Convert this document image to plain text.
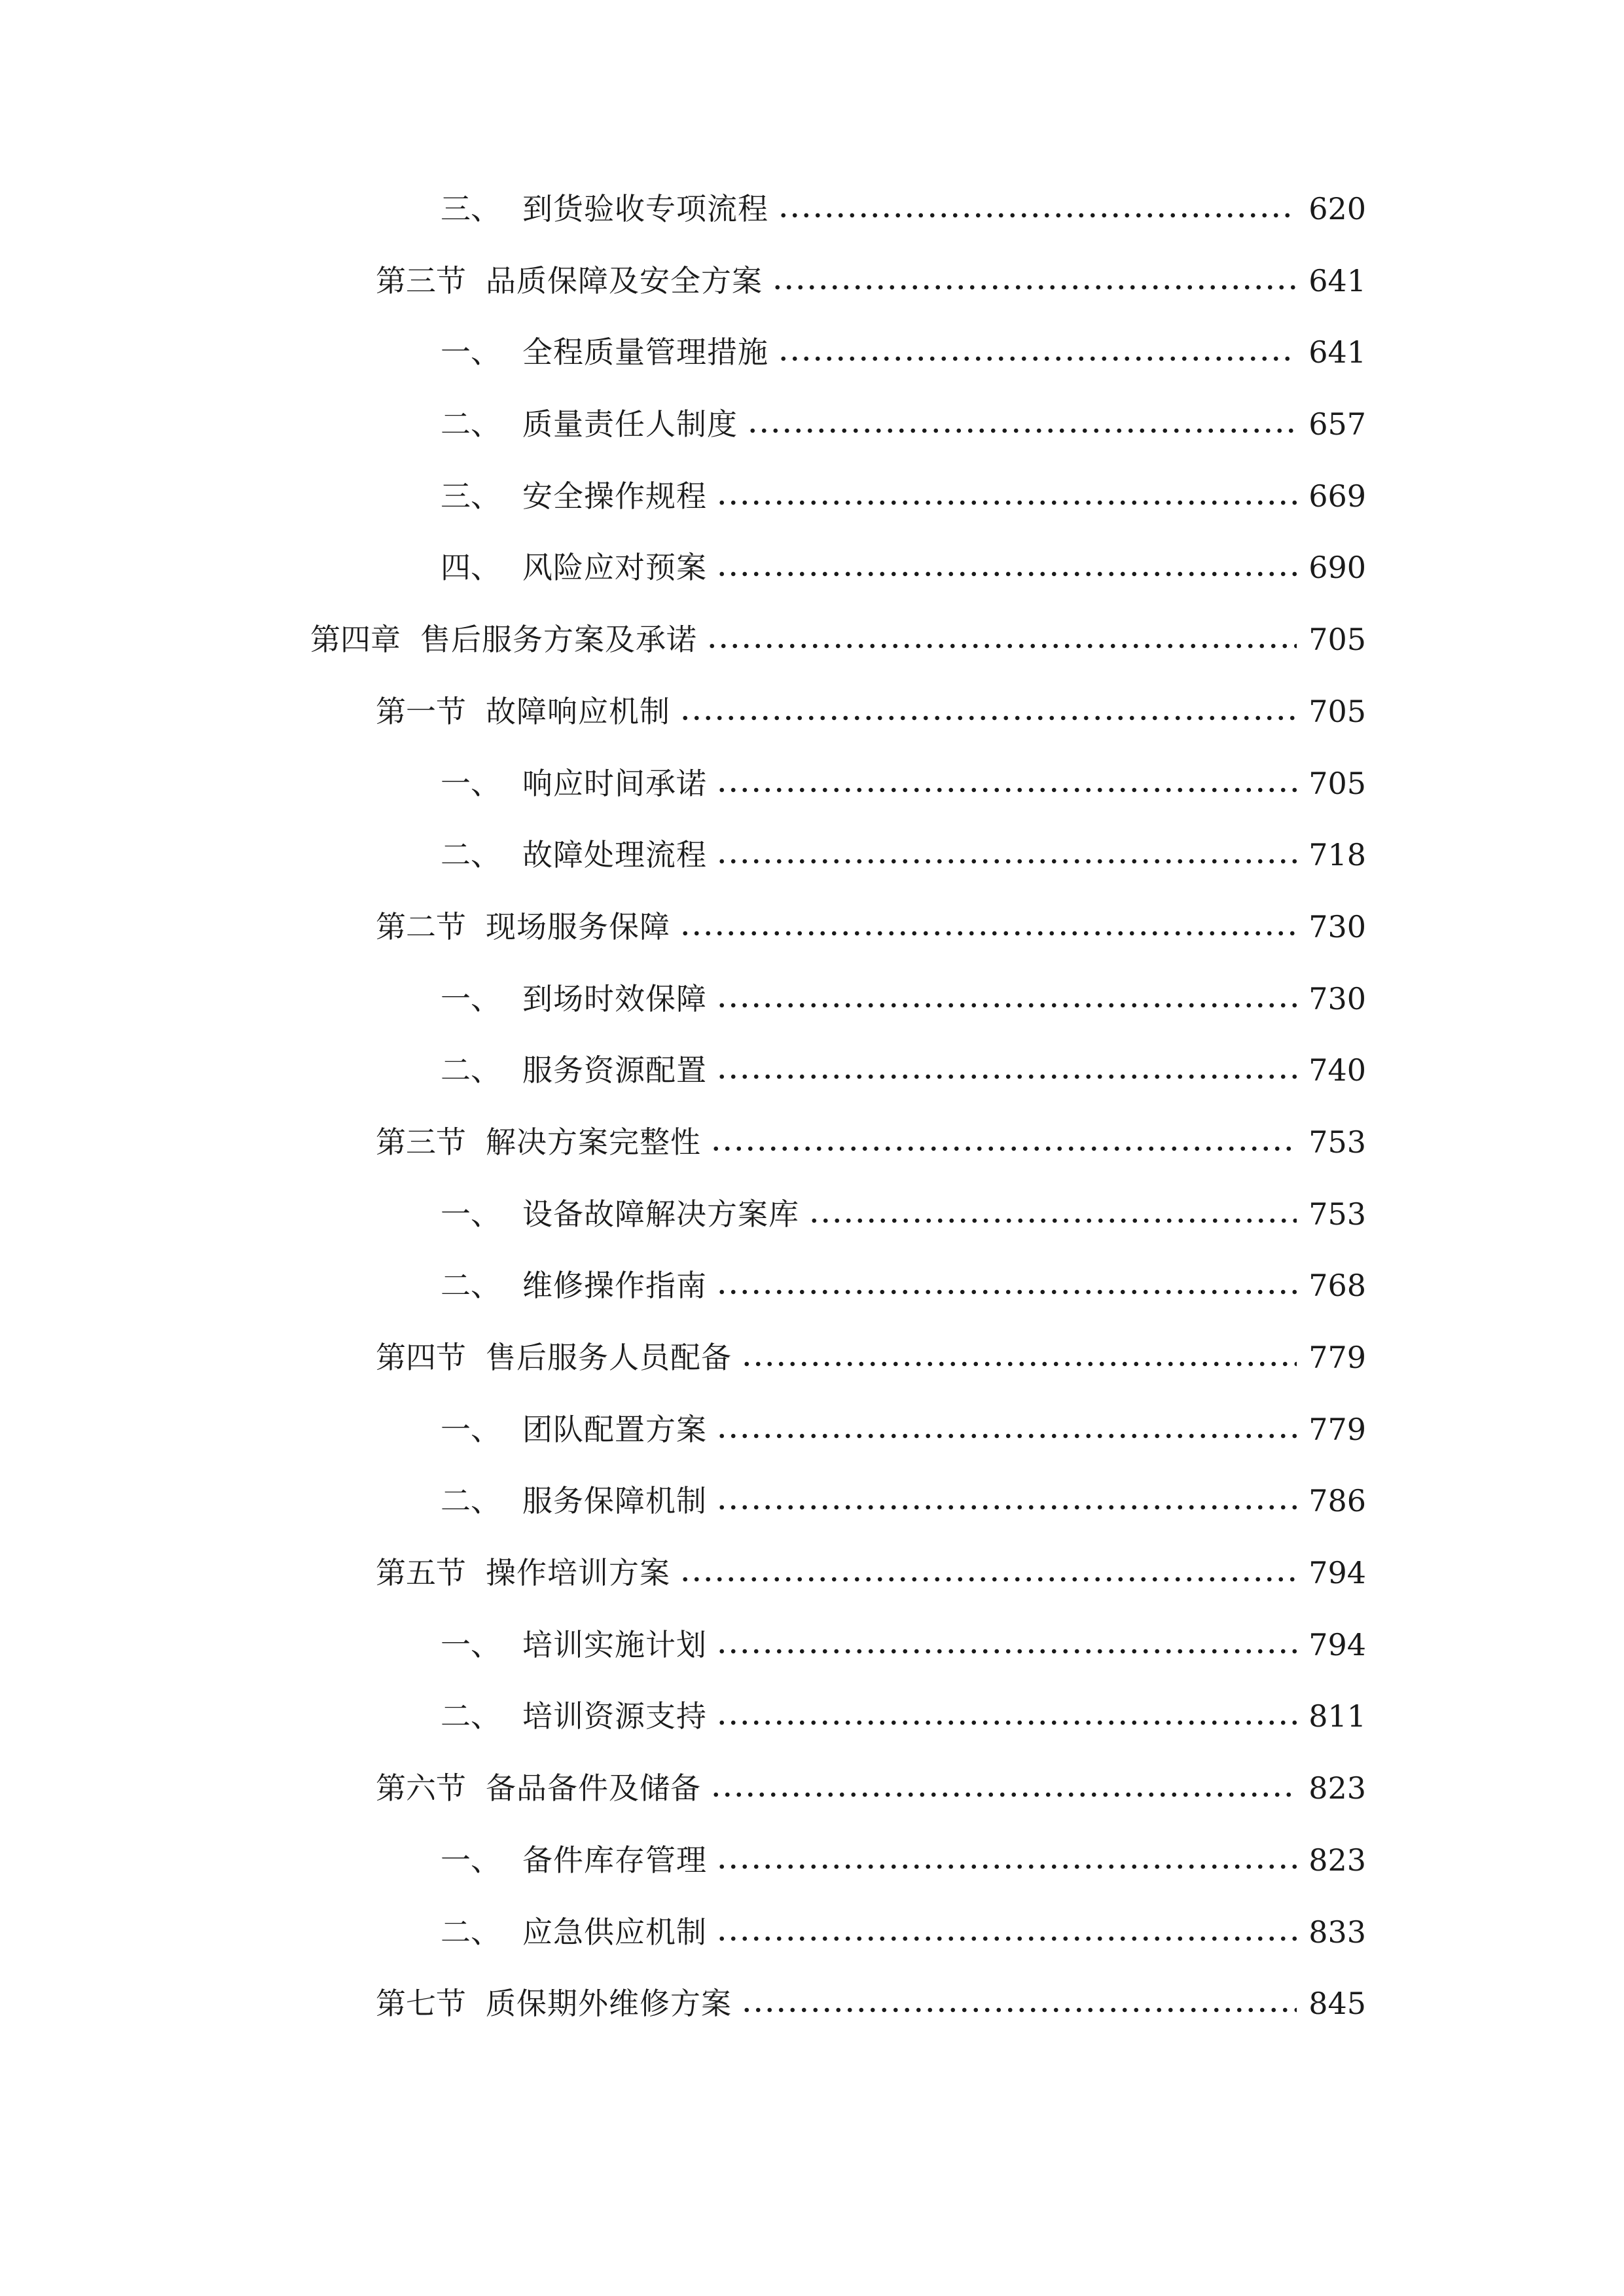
三、 到货验收专项流程	620
第三节 品质保障及安全方案	641
一、 全程质量管理措施	641
二、 质量责任人制度	657
三、 安全操作规程	669
四、 风险应对预案	690
第四章 售后服务方案及承诺	705
第一节 故障响应机制	705
一、 响应时间承诺	705
二、 故障处理流程	718
第二节 现场服务保障	730
一、 到场时效保障	730
二、 服务资源配置	740
第三节 解决方案完整性	753
一、 设备故障解决方案库	753
二、 维修操作指南	768
第四节 售后服务人员配备	779
一、 团队配置方案	779
二、 服务保障机制	786
第五节 操作培训方案	794
一、 培训实施计划	794
二、 培训资源支持	811
第六节 备品备件及储备	823
一、 备件库存管理	823
二、 应急供应机制	833
第七节 质保期外维修方案	845
